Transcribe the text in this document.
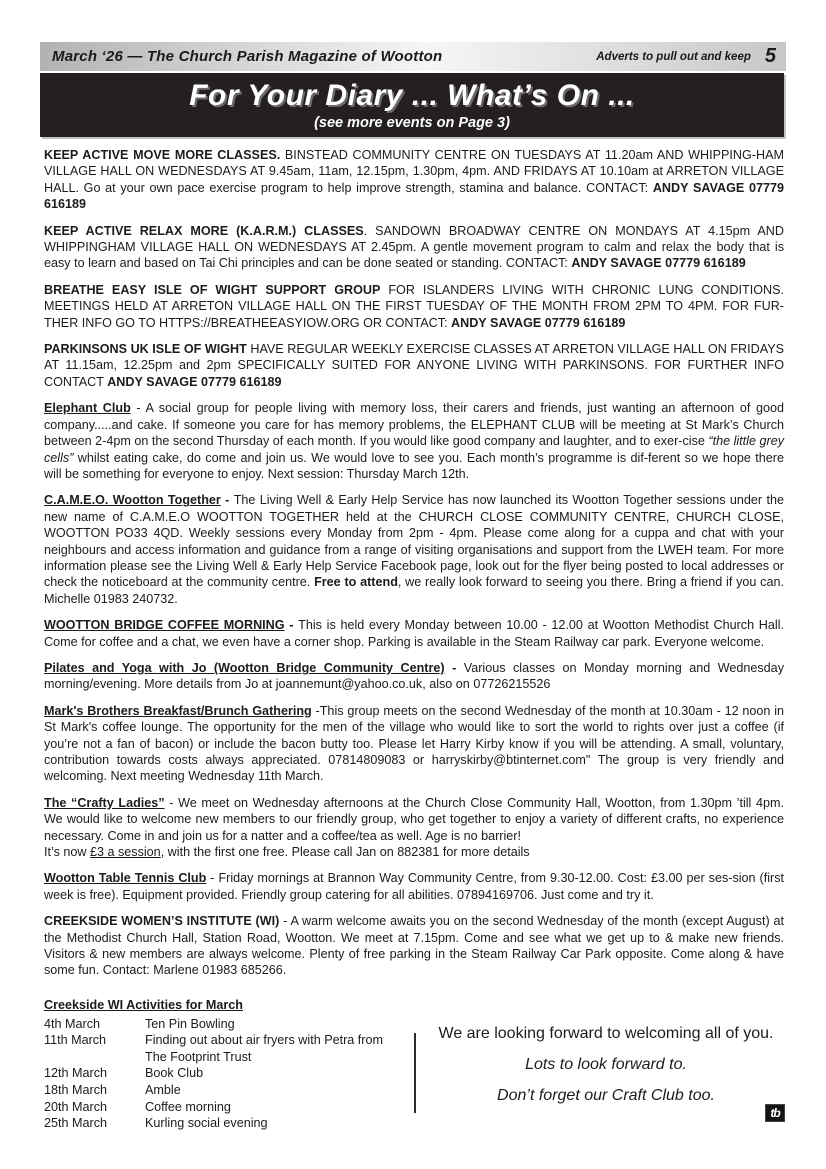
March ‘26 — The Church Parish Magazine of Wootton	Adverts to pull out and keep 5
For Your Diary ... What’s On ...
(see more events on Page 3)

KEEP ACTIVE MOVE MORE CLASSES. BINSTEAD COMMUNITY CENTRE ON TUESDAYS AT 11.20am AND WHIPPING-HAM VILLAGE HALL ON WEDNESDAYS AT 9.45am, 11am, 12.15pm, 1.30pm, 4pm. AND FRIDAYS AT 10.10am at ARRETON VILLAGE HALL. Go at your own pace exercise program to help improve strength, stamina and balance. CONTACT: ANDY SAVAGE 07779 616189

KEEP ACTIVE RELAX MORE (K.A.R.M.) CLASSES. SANDOWN BROADWAY CENTRE ON MONDAYS AT 4.15pm AND WHIPPINGHAM VILLAGE HALL ON WEDNESDAYS AT 2.45pm. A gentle movement program to calm and relax the body that is easy to learn and based on Tai Chi principles and can be done seated or standing. CONTACT: ANDY SAVAGE 07779 616189

BREATHE EASY ISLE OF WIGHT SUPPORT GROUP FOR ISLANDERS LIVING WITH CHRONIC LUNG CONDITIONS. MEETINGS HELD AT ARRETON VILLAGE HALL ON THE FIRST TUESDAY OF THE MONTH FROM 2PM TO 4PM. FOR FUR-THER INFO GO TO HTTPS://BREATHEEASYIOW.ORG OR CONTACT: ANDY SAVAGE 07779 616189

PARKINSONS UK ISLE OF WIGHT HAVE REGULAR WEEKLY EXERCISE CLASSES AT ARRETON VILLAGE HALL ON FRIDAYS AT 11.15am, 12.25pm and 2pm SPECIFICALLY SUITED FOR ANYONE LIVING WITH PARKINSONS. FOR FURTHER INFO CONTACT ANDY SAVAGE 07779 616189

Elephant Club - A social group for people living with memory loss, their carers and friends, just wanting an afternoon of good company.....and cake. If someone you care for has memory problems, the ELEPHANT CLUB will be meeting at St Mark’s Church between 2-4pm on the second Thursday of each month. If you would like good company and laughter, and to exer-cise “the little grey cells” whilst eating cake, do come and join us. We would love to see you. Each month’s programme is dif-ferent so we hope there will be something for everyone to enjoy. Next session: Thursday March 12th.

C.A.M.E.O. Wootton Together - The Living Well & Early Help Service has now launched its Wootton Together sessions under the new name of C.A.M.E.O WOOTTON TOGETHER held at the CHURCH CLOSE COMMUNITY CENTRE, CHURCH CLOSE, WOOTTON PO33 4QD. Weekly sessions every Monday from 2pm - 4pm. Please come along for a cuppa and chat with your neighbours and access information and guidance from a range of visiting organisations and support from the LWEH team. For more information please see the Living Well & Early Help Service Facebook page, look out for the flyer being posted to local addresses or check the noticeboard at the community centre. Free to attend, we really look forward to seeing you there. Bring a friend if you can. Michelle 01983 240732.

WOOTTON BRIDGE COFFEE MORNING - This is held every Monday between 10.00 - 12.00 at Wootton Methodist Church Hall. Come for coffee and a chat, we even have a corner shop. Parking is available in the Steam Railway car park. Everyone welcome.

Pilates and Yoga with Jo (Wootton Bridge Community Centre) - Various classes on Monday morning and Wednesday morning/evening. More details from Jo at joannemunt@yahoo.co.uk, also on 07726215526

Mark's Brothers Breakfast/Brunch Gathering -This group meets on the second Wednesday of the month at 10.30am - 12 noon in St Mark's coffee lounge. The opportunity for the men of the village who would like to sort the world to rights over just a coffee (if you’re not a fan of bacon) or include the bacon butty too. Please let Harry Kirby know if you will be attending. A small, voluntary, contribution towards costs always appreciated. 07814809083 or harryskirby@btinternet.com" The group is very friendly and welcoming. Next meeting Wednesday 11th March.

The “Crafty Ladies” - We meet on Wednesday afternoons at the Church Close Community Hall, Wootton, from 1.30pm ’till 4pm. We would like to welcome new members to our friendly group, who get together to enjoy a variety of different crafts, no experience necessary. Come in and join us for a natter and a coffee/tea as well. Age is no barrier!
It’s now £3 a session, with the first one free. Please call Jan on 882381 for more details

Wootton Table Tennis Club - Friday mornings at Brannon Way Community Centre, from 9.30-12.00. Cost: £3.00 per ses-sion (first week is free). Equipment provided. Friendly group catering for all abilities. 07894169706. Just come and try it.

CREEKSIDE WOMEN’S INSTITUTE (WI) - A warm welcome awaits you on the second Wednesday of the month (except August) at the Methodist Church Hall, Station Road, Wootton. We meet at 7.15pm. Come and see what we get up to & make new friends. Visitors & new members are always welcome. Plenty of free parking in the Steam Railway Car Park opposite. Come along & have some fun. Contact: Marlene 01983 685266.

Creekside WI Activities for March
4th March	Ten Pin Bowling
11th March	Finding out about air fryers with Petra from The Footprint Trust
12th March	Book Club
18th March	Amble
20th March	Coffee morning
25th March	Kurling social evening
We are looking forward to welcoming all of you.
Lots to look forward to.
Don’t forget our Craft Club too.
tb
